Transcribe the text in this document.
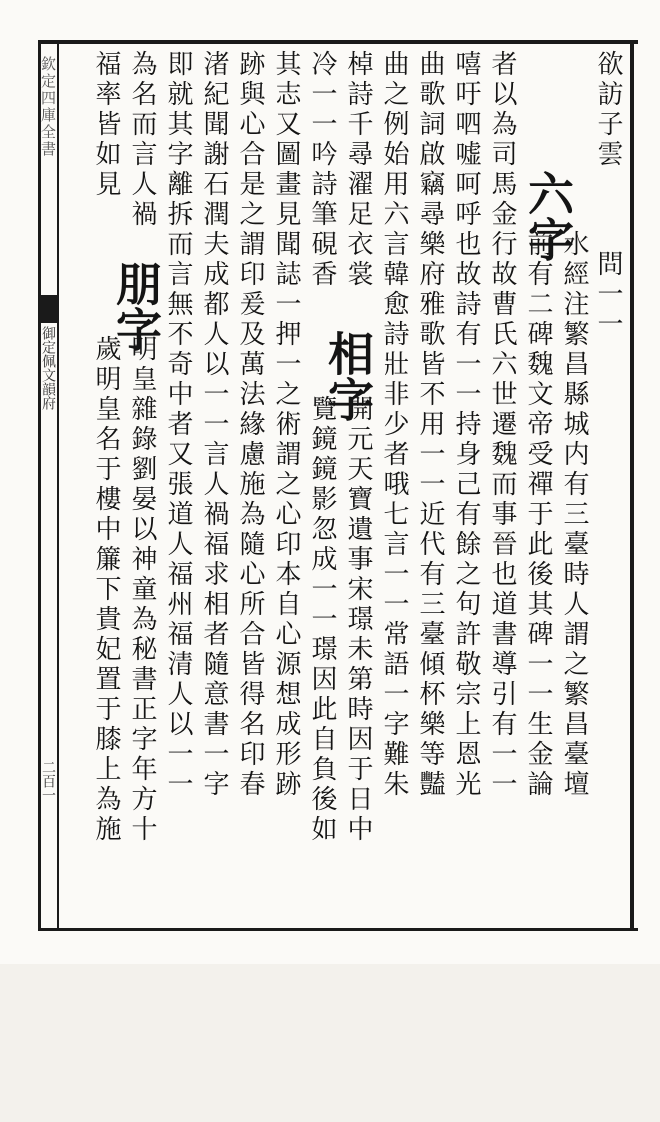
欽定四庫全書
御定佩文韻府
二百一
欲訪子雲

問一一
水經注繁昌縣城内有三臺時人謂之繁昌臺壇
六字
前有二碑魏文帝受禪于此後其碑一一生金論
者以為司馬金行故曹氏六世遷魏而事晉也道書導引有一一
嘻吁呬嘘呵呼也故詩有一一持身己有餘之句許敬宗上恩光
曲歌詞啟竊尋樂府雅歌皆不用一一近代有三臺傾杯樂等豔
曲之例始用六言韓愈詩壯非少者哦七言一一常語一字難朱
棹詩千尋濯足衣裳
相字
開元天寶遺事宋璟未第時因于日中
冷一一吟詩筆硯香
覽鏡鏡影忽成一一璟因此自負後如
其志又圖畫見聞誌一押一之術謂之心印本自心源想成形跡
跡與心合是之謂印爰及萬法緣慮施為隨心所合皆得名印春
渚紀聞謝石潤夫成都人以一一言人禍福求相者隨意書一字
即就其字離拆而言無不奇中者又張道人福州福清人以一一
為名而言人禍
朋字
明皇雜錄劉晏以神童為秘書正字年方十
福率皆如見
歲明皇名于樓中簾下貴妃置于膝上為施
